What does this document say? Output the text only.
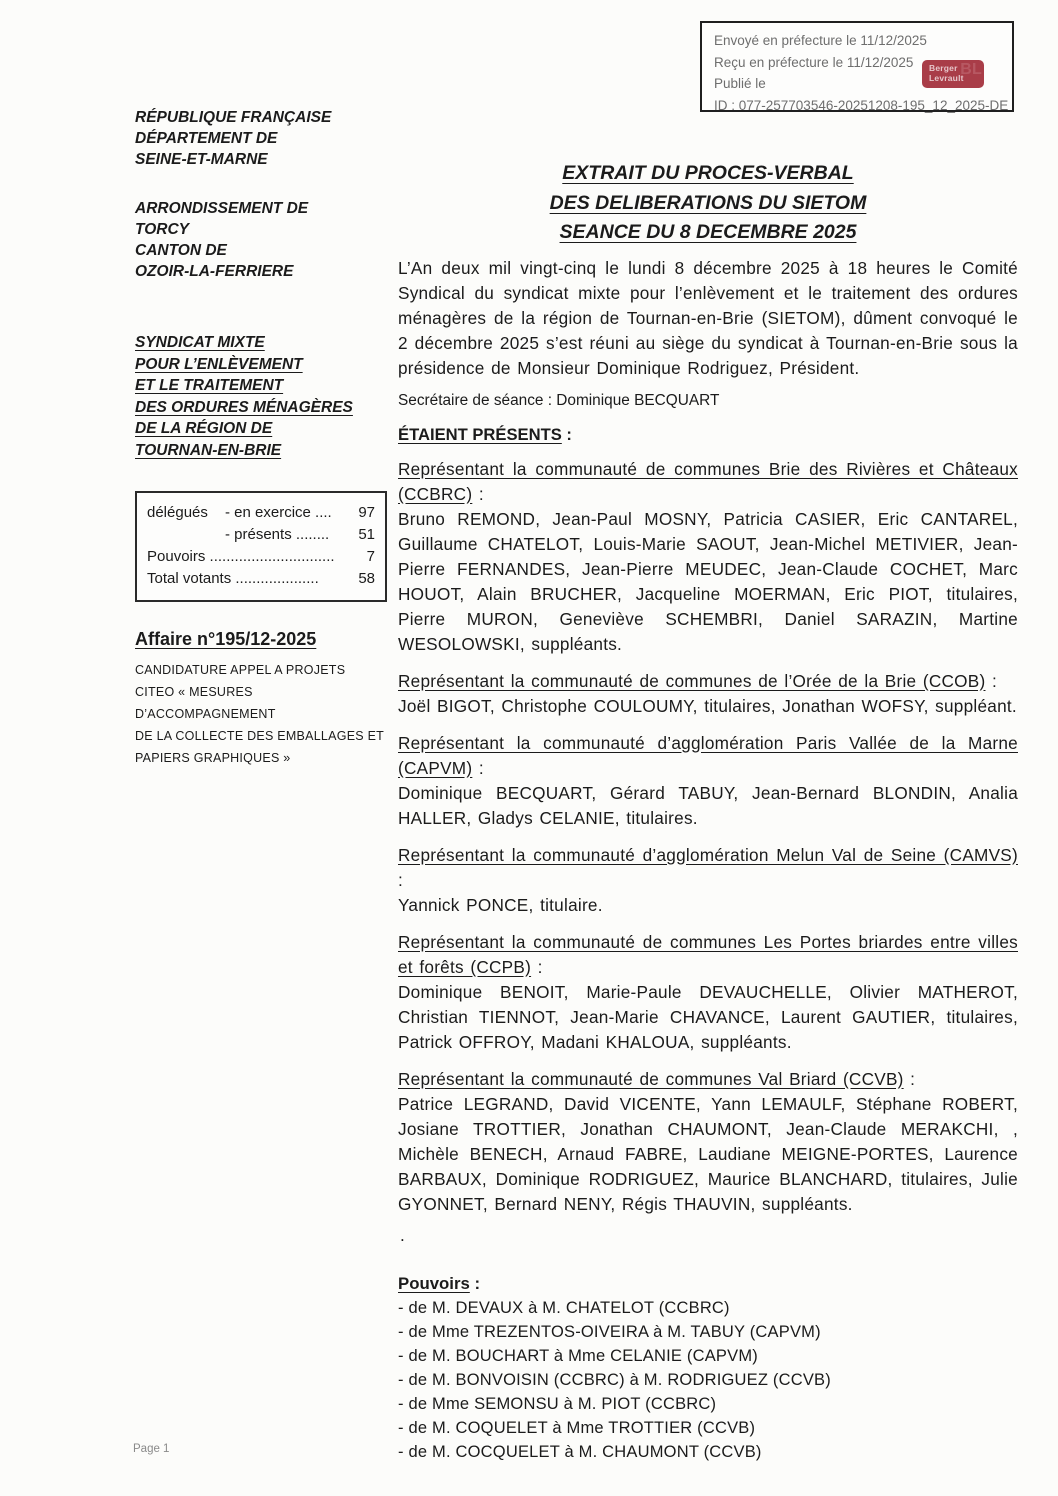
Envoyé en préfecture le 11/12/2025
Reçu en préfecture le 11/12/2025
Publié le
ID : 077-257703546-20251208-195_12_2025-DE
Berger
Levrault
BL
RÉPUBLIQUE FRANÇAISE
DÉPARTEMENT DE
SEINE-ET-MARNE
ARRONDISSEMENT DE
TORCY
CANTON DE
OZOIR-LA-FERRIERE
SYNDICAT MIXTE
POUR L’ENLÈVEMENT
ET LE TRAITEMENT
DES ORDURES MÉNAGÈRES
DE LA RÉGION DE
TOURNAN-EN-BRIE
délégués	- en exercice ....	97
- présents ........	51
Pouvoirs ..............................	7
Total votants ....................	58
Affaire n°195/12-2025
CANDIDATURE APPEL A PROJETS
CITEO « MESURES D’ACCOMPAGNEMENT
DE LA COLLECTE DES EMBALLAGES ET
PAPIERS GRAPHIQUES »
EXTRAIT DU PROCES-VERBAL
DES DELIBERATIONS DU SIETOM
SEANCE DU 8 DECEMBRE 2025

L’An deux mil vingt-cinq le lundi 8 décembre 2025 à 18 heures le Comité Syndical du syndicat mixte pour l’enlèvement et le traitement des ordures ménagères de la région de Tournan-en-Brie (SIETOM), dûment convoqué le 2 décembre 2025 s’est réuni au siège du syndicat à Tournan-en-Brie sous la présidence de Monsieur Dominique Rodriguez, Président.

Secrétaire de séance : Dominique BECQUART

ÉTAIENT PRÉSENTS :

Représentant la communauté de communes Brie des Rivières et Châteaux (CCBRC) :

Bruno REMOND, Jean-Paul MOSNY, Patricia CASIER, Eric CANTAREL, Guillaume CHATELOT, Louis-Marie SAOUT, Jean-Michel METIVIER, Jean-Pierre FERNANDES, Jean-Pierre MEUDEC, Jean-Claude COCHET, Marc HOUOT, Alain BRUCHER, Jacqueline MOERMAN, Eric PIOT, titulaires, Pierre MURON, Geneviève SCHEMBRI, Daniel SARAZIN, Martine WESOLOWSKI, suppléants.

Représentant la communauté de communes de l’Orée de la Brie (CCOB) :

Joël BIGOT, Christophe COULOUMY, titulaires, Jonathan WOFSY, suppléant.

Représentant la communauté d’agglomération Paris Vallée de la Marne (CAPVM) :

Dominique BECQUART, Gérard TABUY, Jean-Bernard BLONDIN, Analia HALLER, Gladys CELANIE, titulaires.

Représentant la communauté d’agglomération Melun Val de Seine (CAMVS) :

Yannick PONCE, titulaire.

Représentant la communauté de communes Les Portes briardes entre villes et forêts (CCPB) :

Dominique BENOIT, Marie-Paule DEVAUCHELLE, Olivier MATHEROT, Christian TIENNOT, Jean-Marie CHAVANCE, Laurent GAUTIER, titulaires, Patrick OFFROY, Madani KHALOUA, suppléants.

Représentant la communauté de communes Val Briard (CCVB) :

Patrice LEGRAND, David VICENTE, Yann LEMAULF, Stéphane ROBERT, Josiane TROTTIER, Jonathan CHAUMONT, Jean-Claude MERAKCHI, , Michèle BENECH, Arnaud FABRE, Laudiane MEIGNE-PORTES, Laurence BARBAUX, Dominique RODRIGUEZ, Maurice BLANCHARD, titulaires, Julie GYONNET, Bernard NENY, Régis THAUVIN, suppléants.

.

Pouvoirs :

- de M. DEVAUX à M. CHATELOT (CCBRC)

- de Mme TREZENTOS-OIVEIRA à M. TABUY (CAPVM)

- de M. BOUCHART à Mme CELANIE (CAPVM)

- de M. BONVOISIN (CCBRC) à M. RODRIGUEZ (CCVB)

- de Mme SEMONSU à M. PIOT (CCBRC)

- de M. COQUELET à Mme TROTTIER (CCVB)

- de M. COCQUELET à M. CHAUMONT (CCVB)

Page 1
